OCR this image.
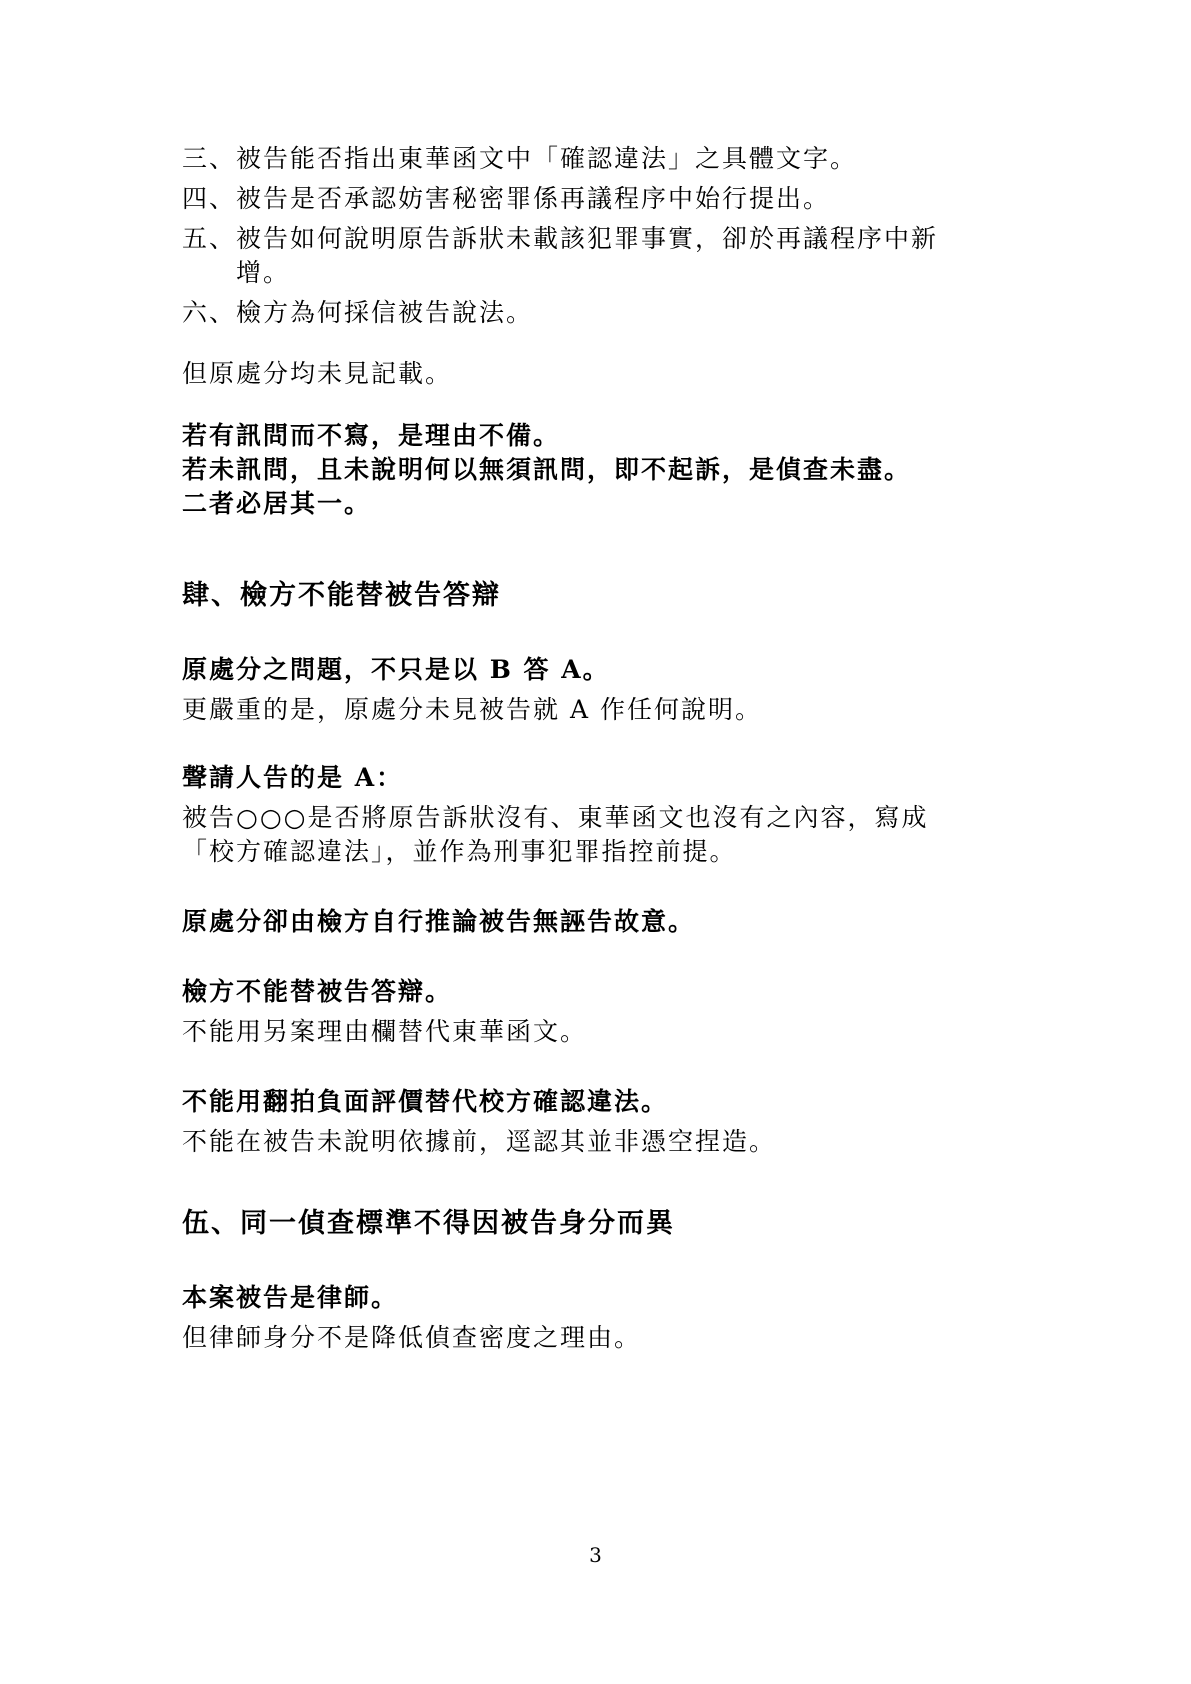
三、 被告能否指出東華函文中「確認違法」之具體文字。
四、 被告是否承認妨害秘密罪係再議程序中始行提出。
五、 被告如何說明原告訴狀未載該犯罪事實，卻於再議程序中新增。
六、 檢方為何採信被告說法。
但原處分均未見記載。
若有訊問而不寫，是理由不備。
若未訊問，且未說明何以無須訊問，即不起訴，是偵查未盡。
二者必居其一。
肆、檢方不能替被告答辯
原處分之問題，不只是以 B 答 A。
更嚴重的是，原處分未見被告就 A 作任何說明。
聲請人告的是 A：
被告○○○是否將原告訴狀沒有、東華函文也沒有之內容，寫成
「校方確認違法」，並作為刑事犯罪指控前提。
原處分卻由檢方自行推論被告無誣告故意。
檢方不能替被告答辯。
不能用另案理由欄替代東華函文。
不能用翻拍負面評價替代校方確認違法。
不能在被告未說明依據前，逕認其並非憑空捏造。
伍、同一偵查標準不得因被告身分而異
本案被告是律師。
但律師身分不是降低偵查密度之理由。
3
